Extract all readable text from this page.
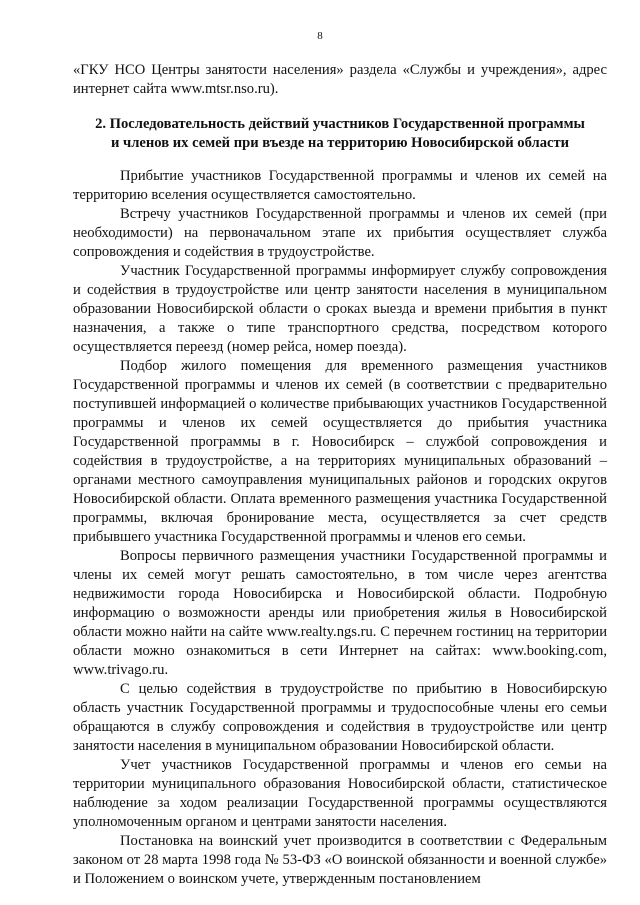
8

«ГКУ НСО Центры занятости населения» раздела «Службы и учреждения», адрес интернет сайта www.mtsr.nso.ru).

2. Последовательность действий участников Государственной программы
и членов их семей при въезде на территорию Новосибирской области

Прибытие участников Государственной программы и членов их семей на территорию вселения осуществляется самостоятельно.

Встречу участников Государственной программы и членов их семей (при необходимости) на первоначальном этапе их прибытия осуществляет служба сопровождения и содействия в трудоустройстве.

Участник Государственной программы информирует службу сопровождения и содействия в трудоустройстве или центр занятости населения в муниципальном образовании Новосибирской области о сроках выезда и времени прибытия в пункт назначения, а также о типе транспортного средства, посредством которого осуществляется переезд (номер рейса, номер поезда).

Подбор жилого помещения для временного размещения участников Государственной программы и членов их семей (в соответствии с предварительно поступившей информацией о количестве прибывающих участников Государственной программы и членов их семей осуществляется до прибытия участника Государственной программы в г. Новосибирск – службой сопровождения и содействия в трудоустройстве, а на территориях муниципальных образований – органами местного самоуправления муниципальных районов и городских округов Новосибирской области. Оплата временного размещения участника Государственной программы, включая бронирование места, осуществляется за счет средств прибывшего участника Государственной программы и членов его семьи.

Вопросы первичного размещения участники Государственной программы и члены их семей могут решать самостоятельно, в том числе через агентства недвижимости города Новосибирска и Новосибирской области. Подробную информацию о возможности аренды или приобретения жилья в Новосибирской области можно найти на сайте www.realty.ngs.ru. С перечнем гостиниц на территории области можно ознакомиться в сети Интернет на сайтах: www.booking.com, www.trivago.ru.

С целью содействия в трудоустройстве по прибытию в Новосибирскую область участник Государственной программы и трудоспособные члены его семьи обращаются в службу сопровождения и содействия в трудоустройстве или центр занятости населения в муниципальном образовании Новосибирской области.

Учет участников Государственной программы и членов его семьи на территории муниципального образования Новосибирской области, статистическое наблюдение за ходом реализации Государственной программы осуществляются уполномоченным органом и центрами занятости населения.

Постановка на воинский учет производится в соответствии с Федеральным законом от 28 марта 1998 года № 53-ФЗ «О воинской обязанности и военной службе» и Положением о воинском учете, утвержденным постановлением
